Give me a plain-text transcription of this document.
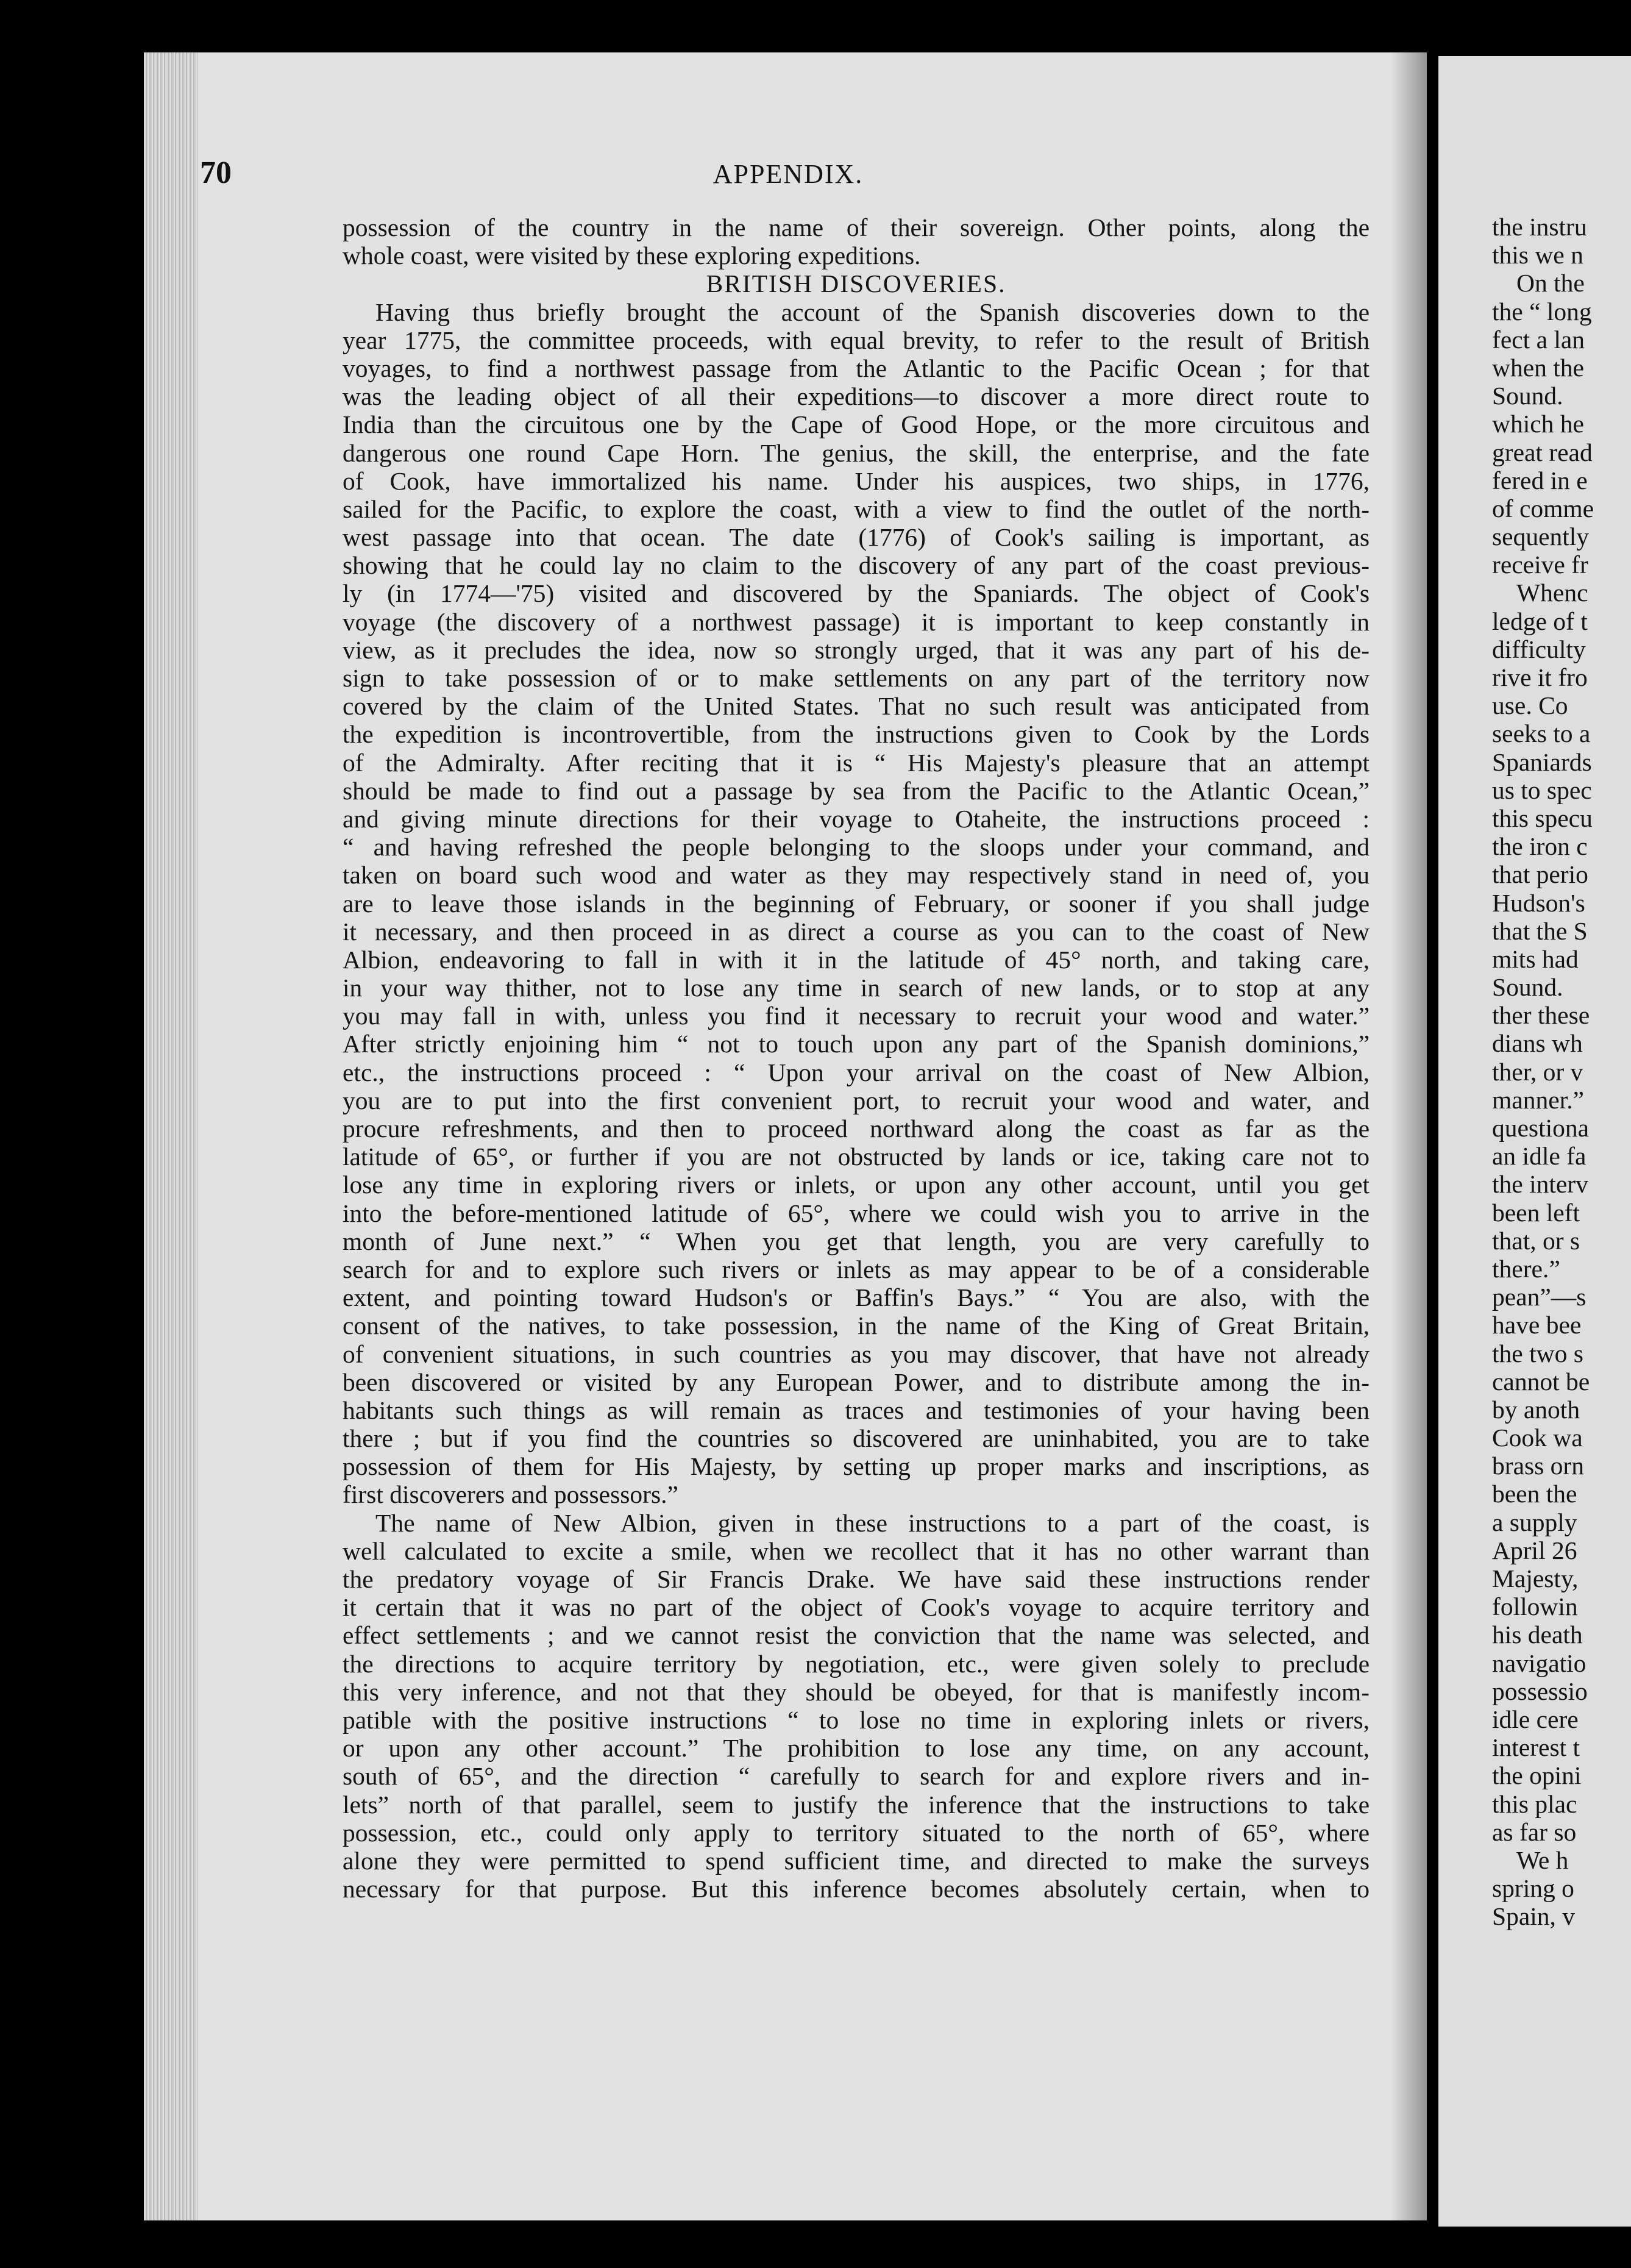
the instru
this we n
On the
the “ long
fect a lan
when the
Sound.
which he
great read
fered in e
of comme
sequently
receive fr
Whenc
ledge of t
difficulty
rive it fro
use. Co
seeks to a
Spaniards
us to spec
this specu
the iron c
that perio
Hudson's
that the S
mits had
Sound.
ther these
dians wh
ther, or v
manner.”
questiona
an idle fa
the interv
been left
that, or s
there.”
pean”—s
have bee
the two s
cannot be
by anoth
Cook wa
brass orn
been the
a supply
April 26
Majesty,
followin
his death
navigatio
possessio
idle cere
interest t
the opini
this plac
as far so
We h
spring o
Spain, v
70	APPENDIX.
possession of the country in the name of their sovereign. Other points, along the
whole coast, were visited by these exploring expeditions.
BRITISH DISCOVERIES.
Having thus briefly brought the account of the Spanish discoveries down to the
year 1775, the committee proceeds, with equal brevity, to refer to the result of British
voyages, to find a northwest passage from the Atlantic to the Pacific Ocean ; for that
was the leading object of all their expeditions—to discover a more direct route to
India than the circuitous one by the Cape of Good Hope, or the more circuitous and
dangerous one round Cape Horn. The genius, the skill, the enterprise, and the fate
of Cook, have immortalized his name. Under his auspices, two ships, in 1776,
sailed for the Pacific, to explore the coast, with a view to find the outlet of the north-
west passage into that ocean. The date (1776) of Cook's sailing is important, as
showing that he could lay no claim to the discovery of any part of the coast previous-
ly (in 1774—'75) visited and discovered by the Spaniards. The object of Cook's
voyage (the discovery of a northwest passage) it is important to keep constantly in
view, as it precludes the idea, now so strongly urged, that it was any part of his de-
sign to take possession of or to make settlements on any part of the territory now
covered by the claim of the United States. That no such result was anticipated from
the expedition is incontrovertible, from the instructions given to Cook by the Lords
of the Admiralty. After reciting that it is “ His Majesty's pleasure that an attempt
should be made to find out a passage by sea from the Pacific to the Atlantic Ocean,”
and giving minute directions for their voyage to Otaheite, the instructions proceed :
“ and having refreshed the people belonging to the sloops under your command, and
taken on board such wood and water as they may respectively stand in need of, you
are to leave those islands in the beginning of February, or sooner if you shall judge
it necessary, and then proceed in as direct a course as you can to the coast of New
Albion, endeavoring to fall in with it in the latitude of 45° north, and taking care,
in your way thither, not to lose any time in search of new lands, or to stop at any
you may fall in with, unless you find it necessary to recruit your wood and water.”
After strictly enjoining him “ not to touch upon any part of the Spanish dominions,”
etc., the instructions proceed : “ Upon your arrival on the coast of New Albion,
you are to put into the first convenient port, to recruit your wood and water, and
procure refreshments, and then to proceed northward along the coast as far as the
latitude of 65°, or further if you are not obstructed by lands or ice, taking care not to
lose any time in exploring rivers or inlets, or upon any other account, until you get
into the before-mentioned latitude of 65°, where we could wish you to arrive in the
month of June next.” “ When you get that length, you are very carefully to
search for and to explore such rivers or inlets as may appear to be of a considerable
extent, and pointing toward Hudson's or Baffin's Bays.” “ You are also, with the
consent of the natives, to take possession, in the name of the King of Great Britain,
of convenient situations, in such countries as you may discover, that have not already
been discovered or visited by any European Power, and to distribute among the in-
habitants such things as will remain as traces and testimonies of your having been
there ; but if you find the countries so discovered are uninhabited, you are to take
possession of them for His Majesty, by setting up proper marks and inscriptions, as
first discoverers and possessors.”
The name of New Albion, given in these instructions to a part of the coast, is
well calculated to excite a smile, when we recollect that it has no other warrant than
the predatory voyage of Sir Francis Drake. We have said these instructions render
it certain that it was no part of the object of Cook's voyage to acquire territory and
effect settlements ; and we cannot resist the conviction that the name was selected, and
the directions to acquire territory by negotiation, etc., were given solely to preclude
this very inference, and not that they should be obeyed, for that is manifestly incom-
patible with the positive instructions “ to lose no time in exploring inlets or rivers,
or upon any other account.” The prohibition to lose any time, on any account,
south of 65°, and the direction “ carefully to search for and explore rivers and in-
lets” north of that parallel, seem to justify the inference that the instructions to take
possession, etc., could only apply to territory situated to the north of 65°, where
alone they were permitted to spend sufficient time, and directed to make the surveys
necessary for that purpose. But this inference becomes absolutely certain, when to
